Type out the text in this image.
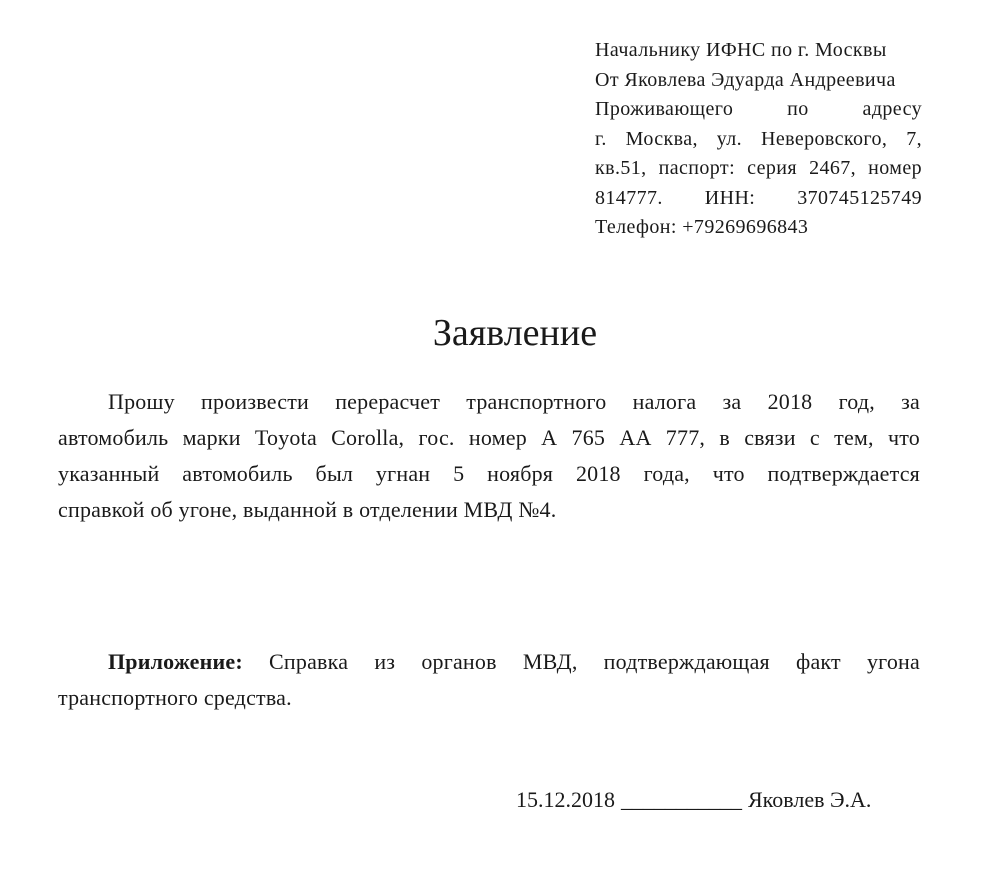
Начальнику ИФНС по г. Москвы
От Яковлева Эдуарда Андреевича
Проживающего по адресу
г. Москва, ул. Неверовского, 7,
кв.51, паспорт: серия 2467, номер
814777. ИНН: 370745125749
Телефон: +79269696843
Заявление
Прошу произвести перерасчет транспортного налога за 2018 год, за
автомобиль марки Toyota Corolla, гос. номер А 765 АА 777, в связи с тем, что
указанный автомобиль был угнан 5 ноября 2018 года, что подтверждается
справкой об угоне, выданной в отделении МВД №4.
Приложение: Справка из органов МВД, подтверждающая факт угона
транспортного средства.
15.12.2018 ___________ Яковлев Э.А.
